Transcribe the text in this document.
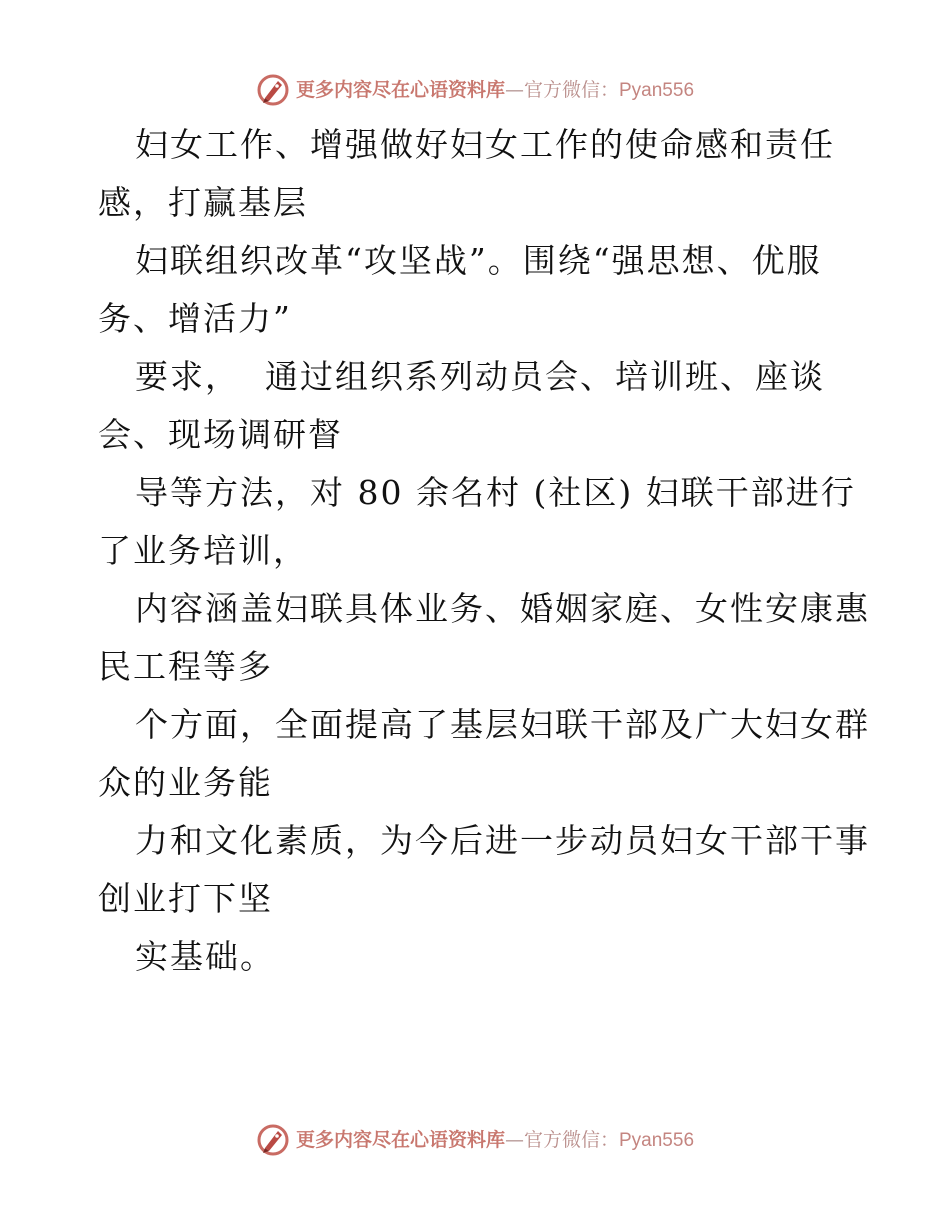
更多内容尽在心语资料库 — 官方微信： Pyan556

妇女工作、增强做好妇女工作的使命感和责任

感，打赢基层

妇联组织改革“攻坚战”。围绕“强思想、优服

务、增活力”

要求，  通过组织系列动员会、培训班、座谈

会、现场调研督

导等方法，对 80 余名村 (社区) 妇联干部进行

了业务培训，

内容涵盖妇联具体业务、婚姻家庭、女性安康惠

民工程等多

个方面，全面提高了基层妇联干部及广大妇女群

众的业务能

力和文化素质，为今后进一步动员妇女干部干事

创业打下坚

实基础。

更多内容尽在心语资料库 — 官方微信： Pyan556
